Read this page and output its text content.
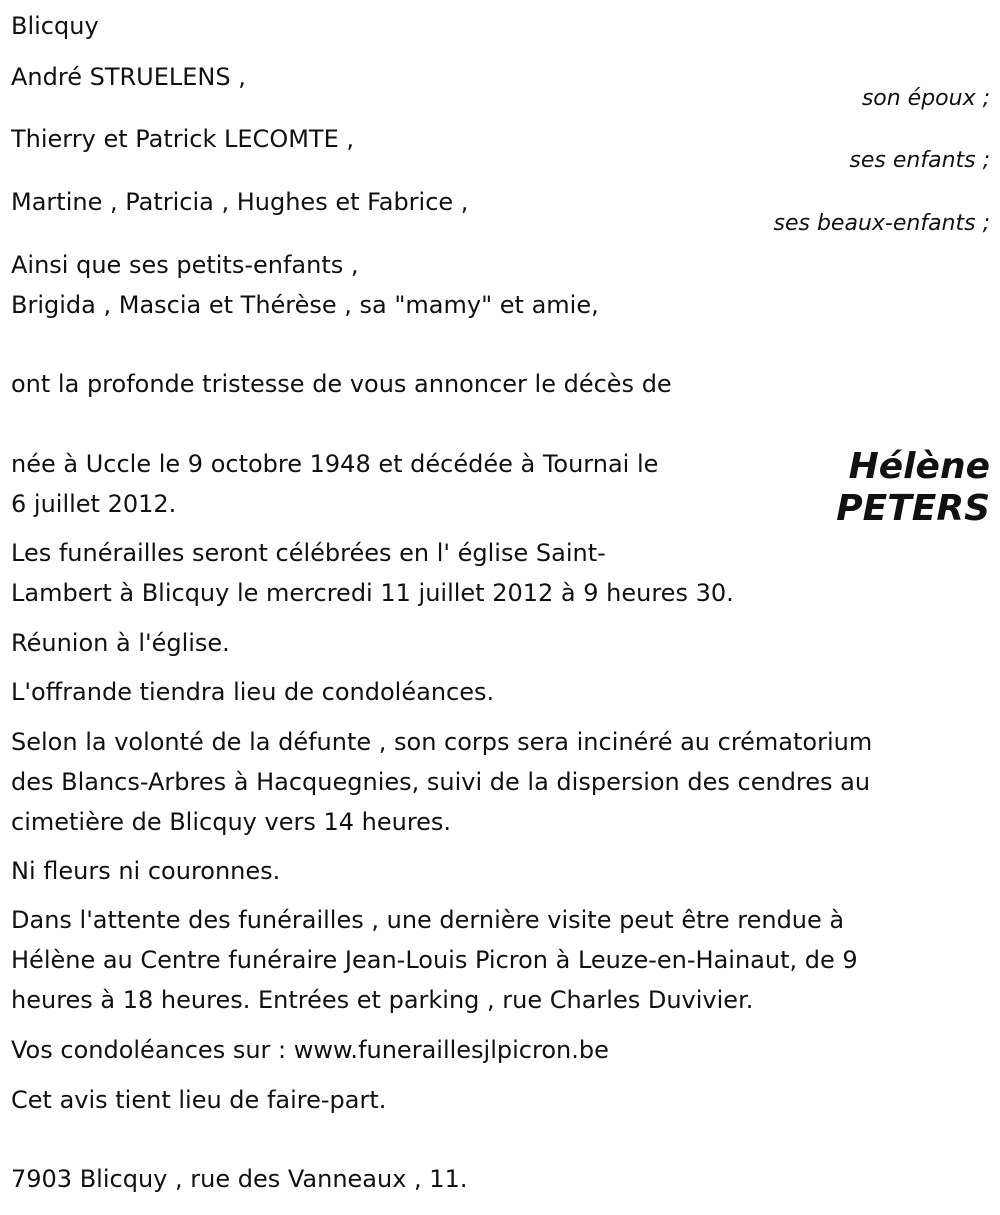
Blicquy
André STRUELENS ,
son époux ;
Thierry et Patrick LECOMTE ,
ses enfants ;
Martine , Patricia , Hughes et Fabrice ,
ses beaux-enfants ;
Ainsi que ses petits-enfants ,
Brigida , Mascia et Thérèse , sa "mamy" et amie,
ont la profonde tristesse de vous annoncer le décès de
Hélène
PETERS
née à Uccle le 9 octobre 1948 et décédée à Tournai le
6 juillet 2012.
Les funérailles seront célébrées en l' église Saint-
Lambert à Blicquy le mercredi 11 juillet 2012 à 9 heures 30.
Réunion à l'église.
L'offrande tiendra lieu de condoléances.
Selon la volonté de la défunte , son corps sera incinéré au crématorium
des Blancs-Arbres à Hacquegnies, suivi de la dispersion des cendres au
cimetière de Blicquy vers 14 heures.
Ni fleurs ni couronnes.
Dans l'attente des funérailles , une dernière visite peut être rendue à
Hélène au Centre funéraire Jean-Louis Picron à Leuze-en-Hainaut, de 9
heures à 18 heures. Entrées et parking , rue Charles Duvivier.
Vos condoléances sur : www.funeraillesjlpicron.be
Cet avis tient lieu de faire-part.
7903 Blicquy , rue des Vanneaux , 11.
